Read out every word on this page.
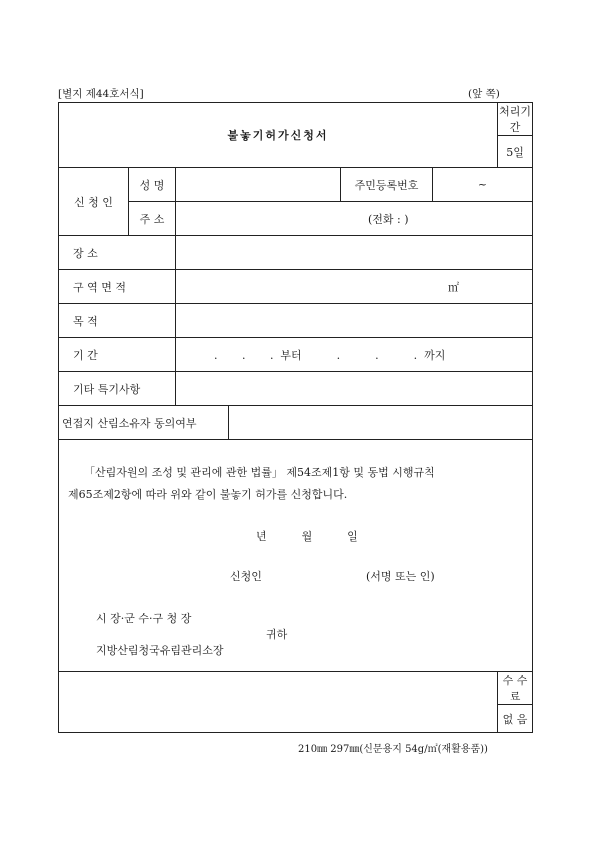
[별지 제44호서식]	(앞 쪽)
불놓기허가신청서						처리기간
						5일
신 청 인	성 명			주민등록번호	~	
	주 소	(전화 : )				
장 소						
구 역 면 적		㎡				
목 적						
기 간		.       .       .  부터          .          .          .  까지				
기타 특기사항						
연접지 산림소유자 동의여부						

						수 수 료
						없 음
「산림자원의 조성 및 관리에 관한 법률」 제54조제1항 및 동법 시행규칙
제65조제2항에 따라 위와 같이 불놓기 허가를 신청합니다.
년          월          일
신청인	(서명 또는 인)
시 장·군 수·구 청 장
귀하
지방산림청국유림관리소장
210㎜ 297㎜(신문용지 54g/㎡(재활용품))
